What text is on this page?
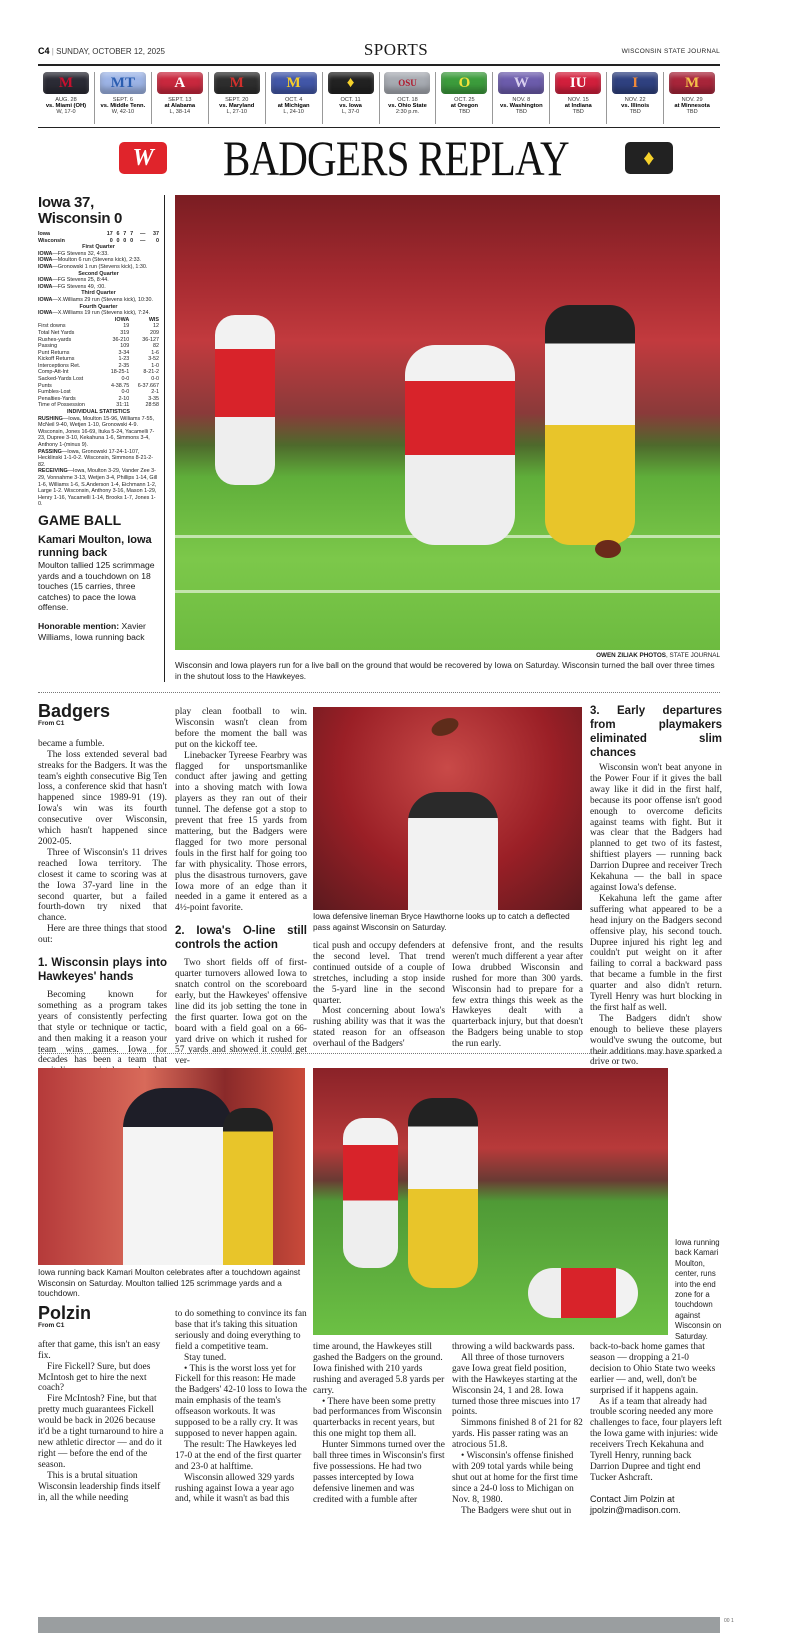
C4 | SUNDAY, OCTOBER 12, 2025	SPORTS	WISCONSIN STATE JOURNAL
M
AUG. 28
vs. Miami (OH)
W, 17-0
MT
SEPT. 6
vs. Middle Tenn.
W, 42-10
A
SEPT. 13
at Alabama
L, 38-14
M
SEPT. 20
vs. Maryland
L, 27-10
M
OCT. 4
at Michigan
L, 24-10
♦
OCT. 11
vs. Iowa
L, 37-0
OSU
OCT. 18
vs. Ohio State
2:30 p.m.
O
OCT. 25
at Oregon
TBD
W
NOV. 8
vs. Washington
TBD
IU
NOV. 15
at Indiana
TBD
I
NOV. 22
vs. Illinois
TBD
M
NOV. 29
at Minnesota
TBD
W BADGERS REPLAY	♦
Iowa 37, Wisconsin 0
Iowa	17	6	7	7	—	37
Wisconsin	0	0	0	0	—	0
First Quarter
IOWA—FG Stevens 32, 4:33.
IOWA—Moulton 6 run (Stevens kick), 2:33.
IOWA—Gronowski 1 run (Stevens kick), 1:30.
Second Quarter
IOWA—FG Stevens 25, 8:44.
IOWA—FG Stevens 49, :00.
Third Quarter
IOWA—X.Williams 29 run (Stevens kick), 10:30.
Fourth Quarter
IOWA—X.Williams 19 run (Stevens kick), 7:24.
	IOWA	WIS
First downs	19	12
Total Net Yards	319	209
Rushes-yards	36-210	36-127
Passing	109	82
Punt Returns	3-34	1-6
Kickoff Returns	1-23	3-52
Interceptions Ret.	2-35	1-0
Comp-Att-Int	18-25-1	8-21-2
Sacked-Yards Lost	0-0	0-0
Punts	4-38.75	6-37.667
Fumbles-Lost	0-0	2-1
Penalties-Yards	2-10	3-35
Time of Possession	31:11	28:58
INDIVIDUAL STATISTICS
RUSHING—Iowa, Moulton 15-96, Williams 7-55, McNeil 9-40, Wetjen 1-10, Gronowski 4-9. Wisconsin, Jones 16-69, Ituka 5-24, Yacamelli 7-23, Dupree 3-10, Kekahuna 1-6, Simmons 3-4, Anthony 1-(minus 9).
PASSING—Iowa, Gronowski 17-24-1-107, Hecklinski 1-1-0-2. Wisconsin, Simmons 8-21-2-82.
RECEIVING—Iowa, Moulton 3-29, Vander Zee 3-29, Vonnahme 3-13, Wetjen 3-4, Phillips 1-14, Gill 1-6, Williams 1-6, S.Anderson 1-4, Eichmann 1-2, Large 1-2. Wisconsin, Anthony 3-16, Mason 1-29, Henry 1-16, Yacamelli 1-14, Brooks 1-7, Jones 1-0.
GAME BALL
Kamari Moulton, Iowa running back
Moulton tallied 125 scrimmage yards and a touchdown on 18 touches (15 carries, three catches) to pace the Iowa offense.
Honorable mention: Xavier Williams, Iowa running back
OWEN ZILIAK PHOTOS, STATE JOURNAL
Wisconsin and Iowa players run for a live ball on the ground that would be recovered by Iowa on Saturday. Wisconsin turned the ball over three times in the shutout loss to the Hawkeyes.
Badgers
From C1

became a fumble.

The loss extended several bad streaks for the Badgers. It was the team's eighth consecutive Big Ten loss, a conference skid that hasn't happened since 1989-91 (19). Iowa's win was its fourth consecutive over Wisconsin, which hasn't happened since 2002-05.

Three of Wisconsin's 11 drives reached Iowa territory. The closest it came to scoring was at the Iowa 37-yard line in the second quarter, but a failed fourth-down try nixed that chance.

Here are three things that stood out:

1. Wisconsin plays into Hawkeyes' hands

Becoming known for something as a program takes years of consistently perfecting that style or technique or tactic, and then making it a reason your team wins games. Iowa for decades has been a team that

play clean football to win. Wisconsin wasn't clean from before the moment the ball was put on the kickoff tee.

Linebacker Tyreese Fearbry was flagged for unsportsmanlike conduct after jawing and getting into a shoving match with Iowa players as they ran out of their tunnel. The defense got a stop to prevent that free 15 yards from mattering, but the Badgers were flagged for two more personal fouls in the first half for going too far with physicality. Those errors, plus the disastrous turnovers, gave Iowa more of an edge than it needed in a game it entered as a 4½-point favorite.

2. Iowa's O-line still controls the action

Two short fields off of first-quarter turnovers allowed Iowa to snatch control on the scoreboard early, but the Hawkeyes' offensive line did its job setting the tone in the first quarter. Iowa got on the board with a field goal on a 66-yard drive on which it rushed for 57 yards and showed it could get ver-

Iowa defensive lineman Bryce Hawthorne looks up to catch a deflected pass against Wisconsin on Saturday.

tical push and occupy defenders at the second level. That trend continued outside of a couple of stretches, including a stop inside the 5-yard line in the second quarter.

Most concerning about Iowa's rushing ability was that it was the stated reason for an offseason overhaul of the Badgers'

defensive front, and the results weren't much different a year after Iowa drubbed Wisconsin and rushed for more than 300 yards. Wisconsin had to prepare for a few extra things this week as the Hawkeyes dealt with a quarterback injury, but that doesn't the Badgers being unable to stop the run early.

3. Early departures from playmakers eliminated slim chances

Wisconsin won't beat anyone in the Power Four if it gives the ball away like it did in the first half, because its poor offense isn't good enough to overcome deficits against teams with fight. But it was clear that the Badgers had planned to get two of its fastest, shiftiest players — running back Darrion Dupree and receiver Trech Kekahuna — the ball in space against Iowa's defense.

Kekahuna left the game after suffering what appeared to be a head injury on the Badgers second offensive play, his second touch. Dupree injured his right leg and couldn't put weight on it after failing to corral a backward pass that became a fumble in the first quarter and also didn't return. Tyrell Henry was hurt blocking in the first half as well.

The Badgers didn't show enough to believe these players would've swung the outcome, but their additions may have sparked a drive or two.

Iowa running back Kamari Moulton celebrates after a touchdown against Wisconsin on Saturday. Moulton tallied 125 scrimmage yards and a touchdown.
Iowa running back Kamari Moulton, center, runs into the end zone for a touchdown against Wisconsin on Saturday.
Polzin
From C1

after that game, this isn't an easy fix.

Fire Fickell? Sure, but does McIntosh get to hire the next coach?

Fire McIntosh? Fine, but that pretty much guarantees Fickell would be back in 2026 because it'd be a tight turnaround to hire a new athletic director — and do it right — before the end of the season.

This is a brutal situation Wisconsin leadership finds itself in, all the while needing

to do something to convince its fan base that it's taking this situation seriously and doing everything to field a competitive team.

Stay tuned.

• This is the worst loss yet for Fickell for this reason: He made the Badgers' 42-10 loss to Iowa the main emphasis of the team's offseason workouts. It was supposed to be a rally cry. It was supposed to never happen again.

The result: The Hawkeyes led 17-0 at the end of the first quarter and 23-0 at halftime.

Wisconsin allowed 329 yards rushing against Iowa a year ago and, while it wasn't as bad this

time around, the Hawkeyes still gashed the Badgers on the ground. Iowa finished with 210 yards rushing and averaged 5.8 yards per carry.

• There have been some pretty bad performances from Wisconsin quarterbacks in recent years, but this one might top them all.

Hunter Simmons turned over the ball three times in Wisconsin's first five possessions. He had two passes intercepted by Iowa defensive linemen and was credited with a fumble after

throwing a wild backwards pass.

All three of those turnovers gave Iowa great field position, with the Hawkeyes starting at the Wisconsin 24, 1 and 28. Iowa turned those three miscues into 17 points.

Simmons finished 8 of 21 for 82 yards. His passer rating was an atrocious 51.8.

• Wisconsin's offense finished with 209 total yards while being shut out at home for the first time since a 24-0 loss to Michigan on Nov. 8, 1980.

The Badgers were shut out in

back-to-back home games that season — dropping a 21-0 decision to Ohio State two weeks earlier — and, well, don't be surprised if it happens again.

As if a team that already had trouble scoring needed any more challenges to face, four players left the Iowa game with injuries: wide receivers Trech Kekahuna and Tyrell Henry, running back Darrion Dupree and tight end Tucker Ashcraft.

Contact Jim Polzin at jpolzin@madison.com.

00 1
